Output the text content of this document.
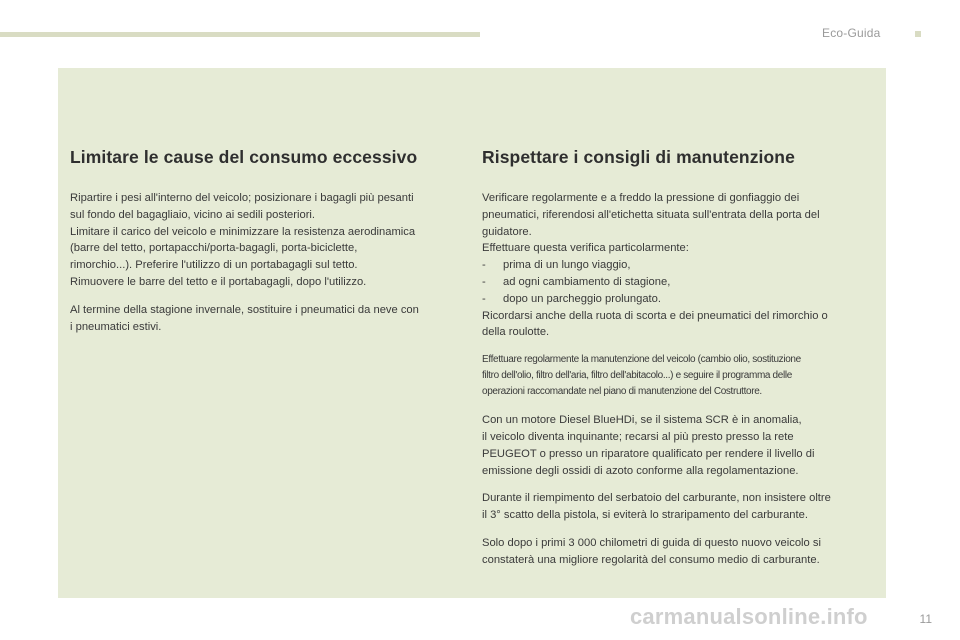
Eco-Guida
Limitare le cause del consumo eccessivo

Ripartire i pesi all'interno del veicolo; posizionare i bagagli più pesanti
sul fondo del bagagliaio, vicino ai sedili posteriori.
Limitare il carico del veicolo e minimizzare la resistenza aerodinamica
(barre del tetto, portapacchi/porta-bagagli, porta-biciclette,
rimorchio...). Preferire l'utilizzo di un portabagagli sul tetto.
Rimuovere le barre del tetto e il portabagagli, dopo l'utilizzo.

Al termine della stagione invernale, sostituire i pneumatici da neve con
i pneumatici estivi.

Rispettare i consigli di manutenzione

Verificare regolarmente e a freddo la pressione di gonfiaggio dei
pneumatici, riferendosi all'etichetta situata sull'entrata della porta del
guidatore.
Effettuare questa verifica particolarmente:
- prima di un lungo viaggio,
- ad ogni cambiamento di stagione,
- dopo un parcheggio prolungato.
Ricordarsi anche della ruota di scorta e dei pneumatici del rimorchio o
della roulotte.

Effettuare regolarmente la manutenzione del veicolo (cambio olio, sostituzione
filtro dell'olio, filtro dell'aria, filtro dell'abitacolo...) e seguire il programma delle
operazioni raccomandate nel piano di manutenzione del Costruttore.

Con un motore Diesel BlueHDi, se il sistema SCR è in anomalia,
il veicolo diventa inquinante; recarsi al più presto presso la rete
PEUGEOT o presso un riparatore qualificato per rendere il livello di
emissione degli ossidi di azoto conforme alla regolamentazione.

Durante il riempimento del serbatoio del carburante, non insistere oltre
il 3° scatto della pistola, si eviterà lo straripamento del carburante.

Solo dopo i primi 3 000 chilometri di guida di questo nuovo veicolo si
constaterà una migliore regolarità del consumo medio di carburante.

carmanualsonline.info	11
